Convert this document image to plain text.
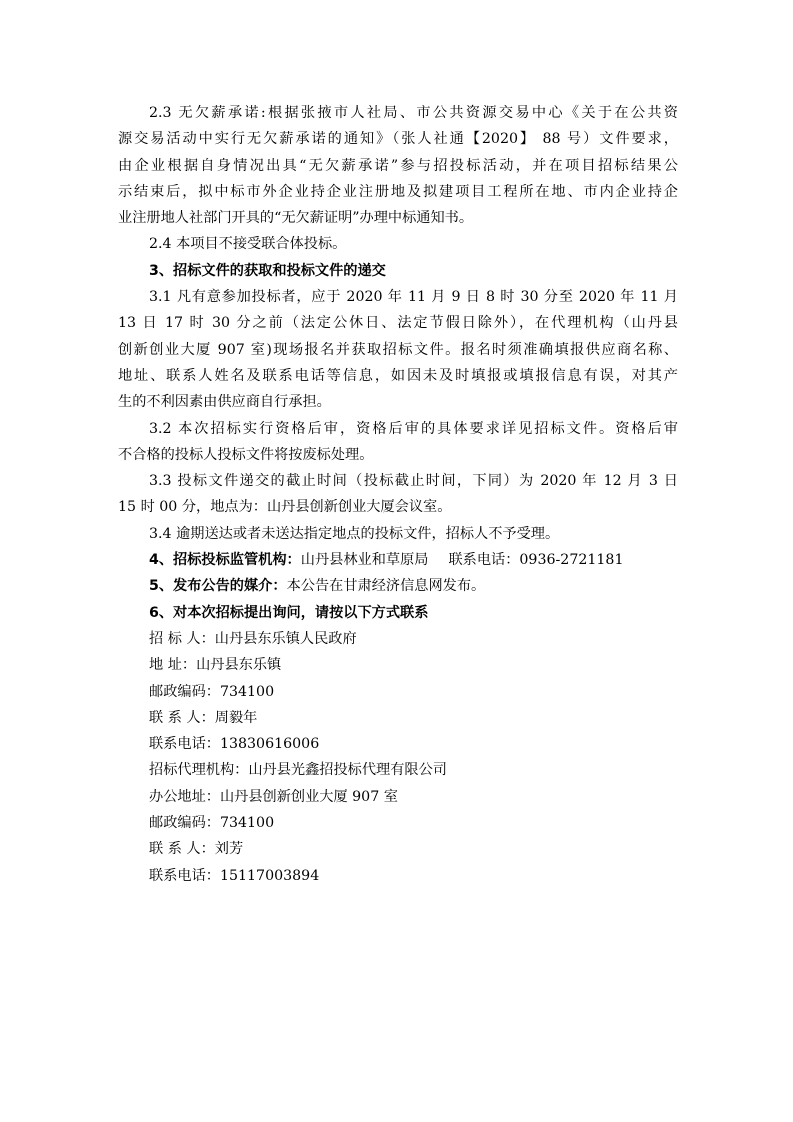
2.3 无欠薪承诺:根据张掖市人社局、市公共资源交易中心《关于在公共资
源交易活动中实行无欠薪承诺的通知》（张人社通【2020】 88 号）文件要求，
由企业根据自身情况出具“无欠薪承诺”参与招投标活动，并在项目招标结果公
示结束后，拟中标市外企业持企业注册地及拟建项目工程所在地、市内企业持企
业注册地人社部门开具的“无欠薪证明”办理中标通知书。
2.4 本项目不接受联合体投标。
3、招标文件的获取和投标文件的递交
3.1 凡有意参加投标者，应于 2020 年 11 月 9 日 8 时 30 分至 2020 年 11 月
13 日 17 时 30 分之前（法定公休日、法定节假日除外），在代理机构（山丹县
创新创业大厦 907 室)现场报名并获取招标文件。报名时须准确填报供应商名称、
地址、联系人姓名及联系电话等信息，如因未及时填报或填报信息有误，对其产
生的不利因素由供应商自行承担。
3.2 本次招标实行资格后审，资格后审的具体要求详见招标文件。资格后审
不合格的投标人投标文件将按废标处理。
3.3 投标文件递交的截止时间（投标截止时间，下同）为 2020 年 12 月 3 日
15 时 00 分，地点为：山丹县创新创业大厦会议室。
3.4 逾期送达或者未送达指定地点的投标文件，招标人不予受理。
4、招标投标监管机构：山丹县林业和草原局 联系电话：0936-2721181
5、发布公告的媒介：本公告在甘肃经济信息网发布。
6、对本次招标提出询问，请按以下方式联系
招 标 人：山丹县东乐镇人民政府
地 址：山丹县东乐镇
邮政编码：734100
联 系 人：周毅年
联系电话：13830616006
招标代理机构：山丹县光鑫招投标代理有限公司
办公地址：山丹县创新创业大厦 907 室
邮政编码：734100
联 系 人：刘芳
联系电话：15117003894
